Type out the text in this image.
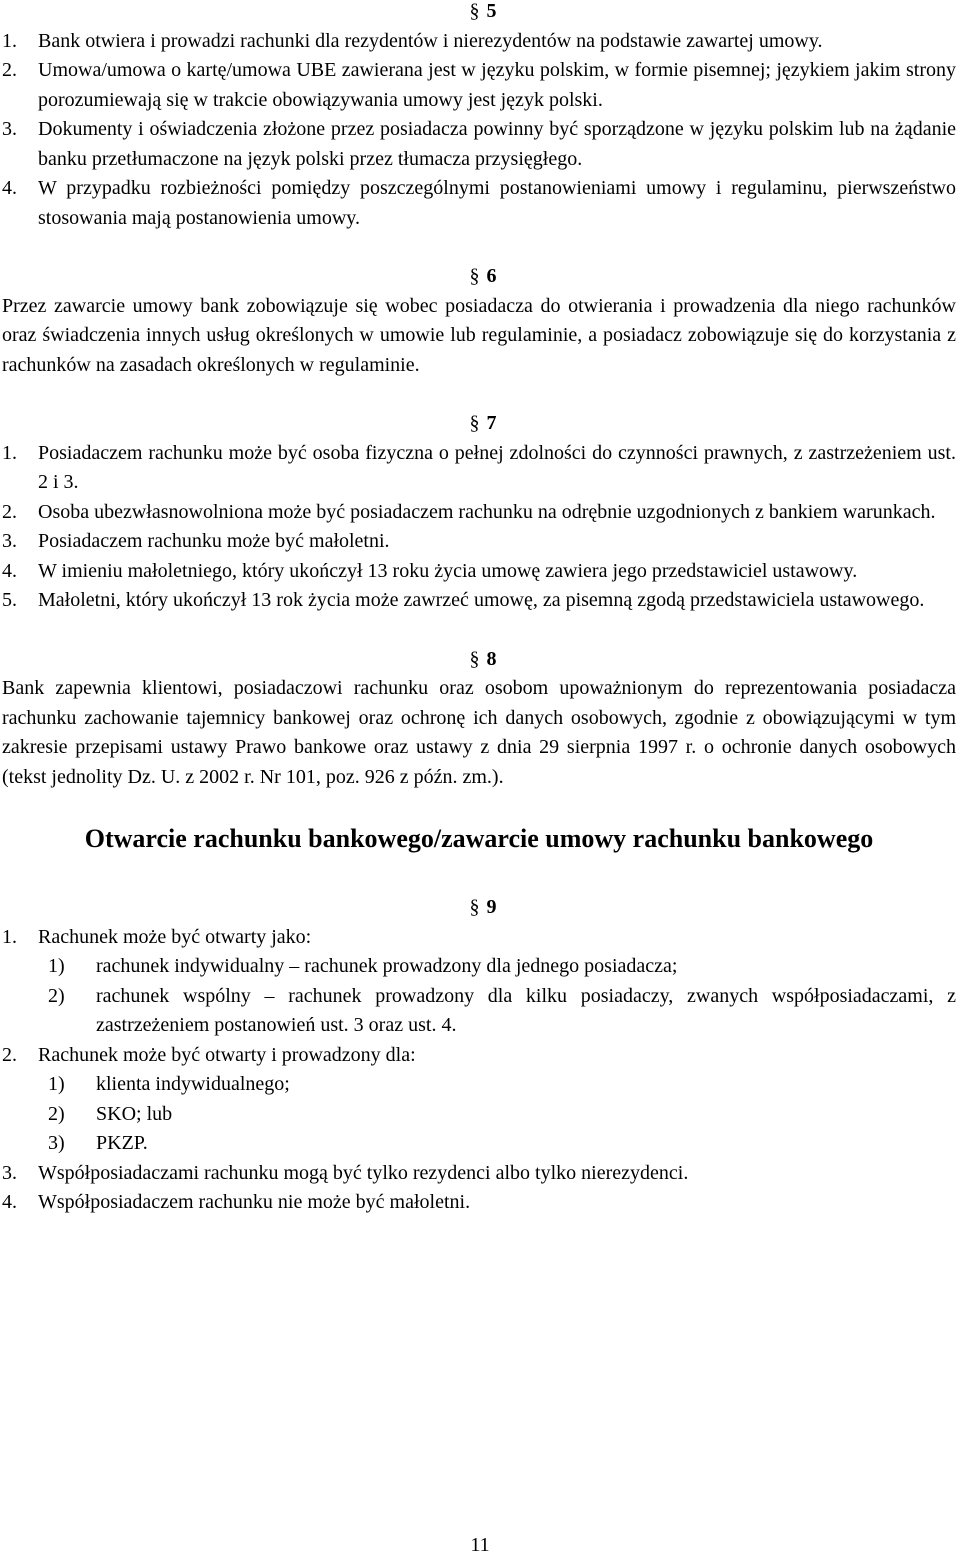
§ 5
1. Bank otwiera i prowadzi rachunki dla rezydentów i nierezydentów na podstawie zawartej umowy.
2. Umowa/umowa o kartę/umowa UBE zawierana jest w języku polskim, w formie pisemnej; językiem jakim strony porozumiewają się w trakcie obowiązywania umowy jest język polski.
3. Dokumenty i oświadczenia złożone przez posiadacza powinny być sporządzone w języku polskim lub na żądanie banku przetłumaczone na język polski przez tłumacza przysięgłego.
4. W przypadku rozbieżności pomiędzy poszczególnymi postanowieniami umowy i regulaminu, pierwszeństwo stosowania mają postanowienia umowy.
§ 6

Przez zawarcie umowy bank zobowiązuje się wobec posiadacza do otwierania i prowadzenia dla niego rachunków oraz świadczenia innych usług określonych w umowie lub regulaminie, a posiadacz zobowiązuje się do korzystania z rachunków na zasadach określonych w regulaminie.

§ 7
1. Posiadaczem rachunku może być osoba fizyczna o pełnej zdolności do czynności prawnych, z zastrzeżeniem ust. 2 i 3.
2. Osoba ubezwłasnowolniona może być posiadaczem rachunku na odrębnie uzgodnionych z bankiem warunkach.
3. Posiadaczem rachunku może być małoletni.
4. W imieniu małoletniego, który ukończył 13 roku życia umowę zawiera jego przedstawiciel ustawowy.
5. Małoletni, który ukończył 13 rok życia może zawrzeć umowę, za pisemną zgodą przedstawiciela ustawowego.
§ 8

Bank zapewnia klientowi, posiadaczowi rachunku oraz osobom upoważnionym do reprezentowania posiadacza rachunku zachowanie tajemnicy bankowej oraz ochronę ich danych osobowych, zgodnie z obowiązującymi w tym zakresie przepisami ustawy Prawo bankowe oraz ustawy z dnia 29 sierpnia 1997 r. o ochronie danych osobowych (tekst jednolity Dz. U. z 2002 r. Nr 101, poz. 926 z późn. zm.).

Otwarcie rachunku bankowego/zawarcie umowy rachunku bankowego
§ 9
1. Rachunek może być otwarty jako:
1) rachunek indywidualny – rachunek prowadzony dla jednego posiadacza;
2) rachunek wspólny – rachunek prowadzony dla kilku posiadaczy, zwanych współposiadaczami, z zastrzeżeniem postanowień ust. 3 oraz ust. 4.
2. Rachunek może być otwarty i prowadzony dla:
1) klienta indywidualnego;
2) SKO; lub
3) PKZP.
3. Współposiadaczami rachunku mogą być tylko rezydenci albo tylko nierezydenci.
4. Współposiadaczem rachunku nie może być małoletni.
11
